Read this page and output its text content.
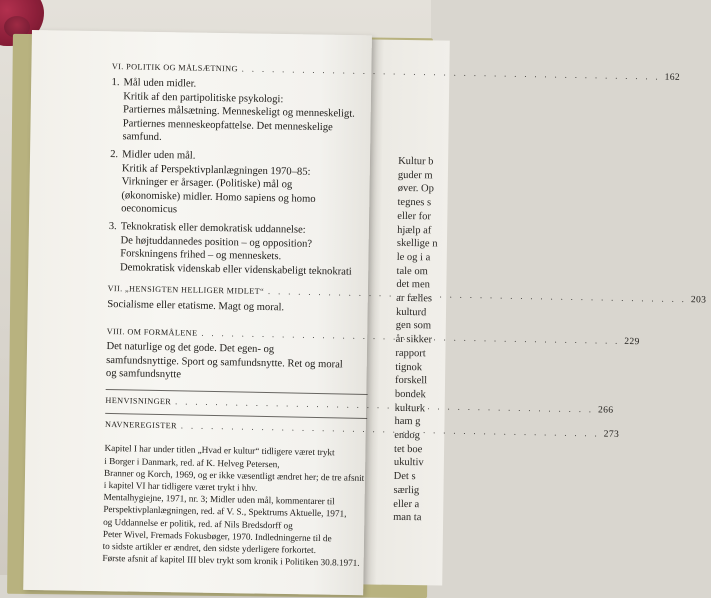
Kultur b
guder m
øver. Op
tegnes s
eller for
hjælp af
skellige n
le og i a
tale om
det men
ar fælles
kulturd
gen som
år sikker
rapport
tignok
forskell
bondek
kulturk
ham g
endog
tet boe
ukultiv
Det s
særlig
eller a
man ta
VI. POLITIK OG MÅLSÆTNING
. . .
162
1. Mål uden midler.
Kritik af den partipolitiske psykologi:
Partiernes målsætning. Menneskeligt og menneskeligt.
Partiernes menneskeopfattelse. Det menneskelige
samfund.
2. Midler uden mål.
Kritik af Perspektivplanlægningen 1970–85:
Virkninger er årsager. (Politiske) mål og
(økonomiske) midler. Homo sapiens og homo
oeconomicus
3. Teknokratisk eller demokratisk uddannelse:
De højtuddannedes position – og opposition?
Forskningens frihed – og menneskets.
Demokratisk videnskab eller videnskabeligt teknokrati
VII. „HENSIGTEN HELLIGER MIDLET“
. . .
203
Socialisme eller etatisme. Magt og moral.
VIII. OM FORMÅLENE
. . .
229
Det naturlige og det gode. Det egen- og
samfundsnyttige. Sport og samfundsnytte. Ret og moral
og samfundsnytte
HENVISNINGER
. . .
266
NAVNEREGISTER
. . .
273
Kapitel I har under titlen „Hvad er kultur“ tidligere været trykt
i Borger i Danmark, red. af K. Helveg Petersen,
Branner og Korch, 1969, og er ikke væsentligt ændret her; de tre afsnit
i kapitel VI har tidligere været trykt i hhv.
Mentalhygiejne, 1971, nr. 3; Midler uden mål, kommentarer til
Perspektivplanlægningen, red. af V. S., Spektrums Aktuelle, 1971,
og Uddannelse er politik, red. af Nils Bredsdorff og
Peter Wivel, Fremads Fokusbøger, 1970. Indledningerne til de
to sidste artikler er ændret, den sidste yderligere forkortet.
Første afsnit af kapitel III blev trykt som kronik i Politiken 30.8.1971.
